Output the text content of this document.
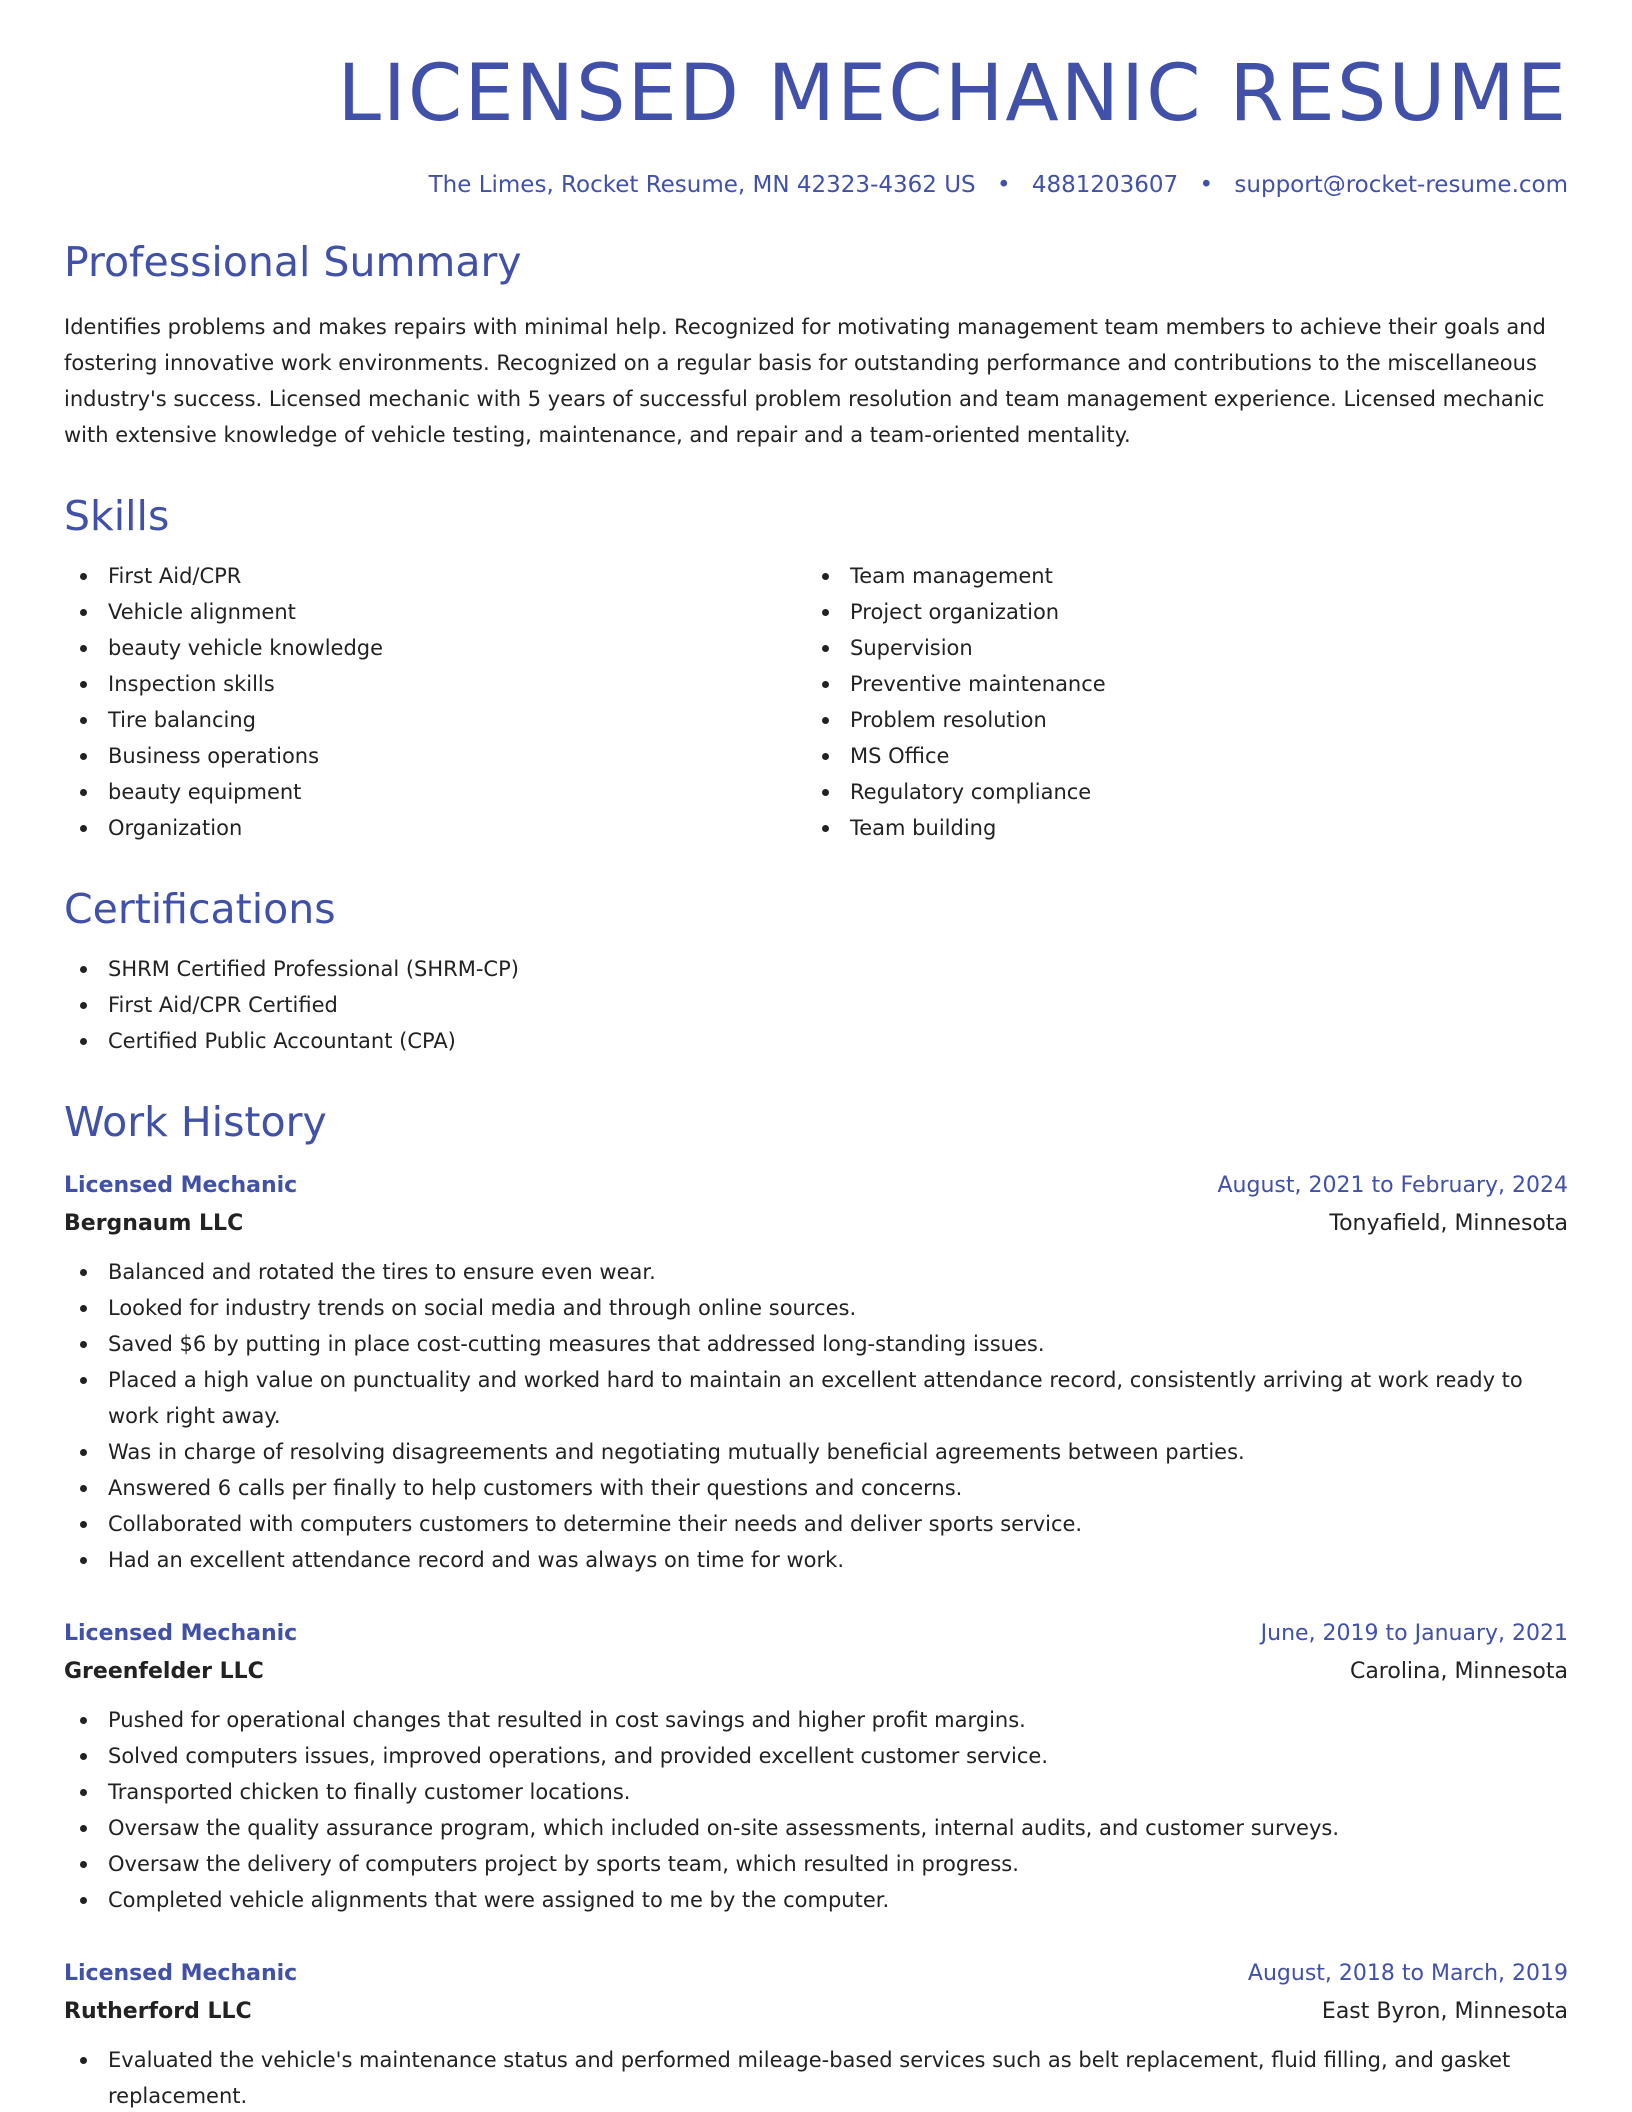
LICENSED MECHANIC RESUME
The Limes, Rocket Resume, MN 42323-4362 US • 4881203607 • support@rocket-resume.com
Professional Summary

Identifies problems and makes repairs with minimal help. Recognized for motivating management team members to achieve their goals and fostering innovative work environments. Recognized on a regular basis for outstanding performance and contributions to the miscellaneous industry's success. Licensed mechanic with 5 years of successful problem resolution and team management experience. Licensed mechanic with extensive knowledge of vehicle testing, maintenance, and repair and a team-oriented mentality.

Skills
First Aid/CPR
Vehicle alignment
beauty vehicle knowledge
Inspection skills
Tire balancing
Business operations
beauty equipment
Organization
Team management
Project organization
Supervision
Preventive maintenance
Problem resolution
MS Office
Regulatory compliance
Team building
Certifications
SHRM Certified Professional (SHRM-CP)
First Aid/CPR Certified
Certified Public Accountant (CPA)
Work History
Licensed Mechanic	August, 2021 to February, 2024
Bergnaum LLC	Tonyafield, Minnesota
Balanced and rotated the tires to ensure even wear.
Looked for industry trends on social media and through online sources.
Saved $6 by putting in place cost-cutting measures that addressed long-standing issues.
Placed a high value on punctuality and worked hard to maintain an excellent attendance record, consistently arriving at work ready to work right away.
Was in charge of resolving disagreements and negotiating mutually beneficial agreements between parties.
Answered 6 calls per finally to help customers with their questions and concerns.
Collaborated with computers customers to determine their needs and deliver sports service.
Had an excellent attendance record and was always on time for work.
Licensed Mechanic	June, 2019 to January, 2021
Greenfelder LLC	Carolina, Minnesota
Pushed for operational changes that resulted in cost savings and higher profit margins.
Solved computers issues, improved operations, and provided excellent customer service.
Transported chicken to finally customer locations.
Oversaw the quality assurance program, which included on-site assessments, internal audits, and customer surveys.
Oversaw the delivery of computers project by sports team, which resulted in progress.
Completed vehicle alignments that were assigned to me by the computer.
Licensed Mechanic	August, 2018 to March, 2019
Rutherford LLC	East Byron, Minnesota
Evaluated the vehicle's maintenance status and performed mileage-based services such as belt replacement, fluid filling, and gasket replacement.
